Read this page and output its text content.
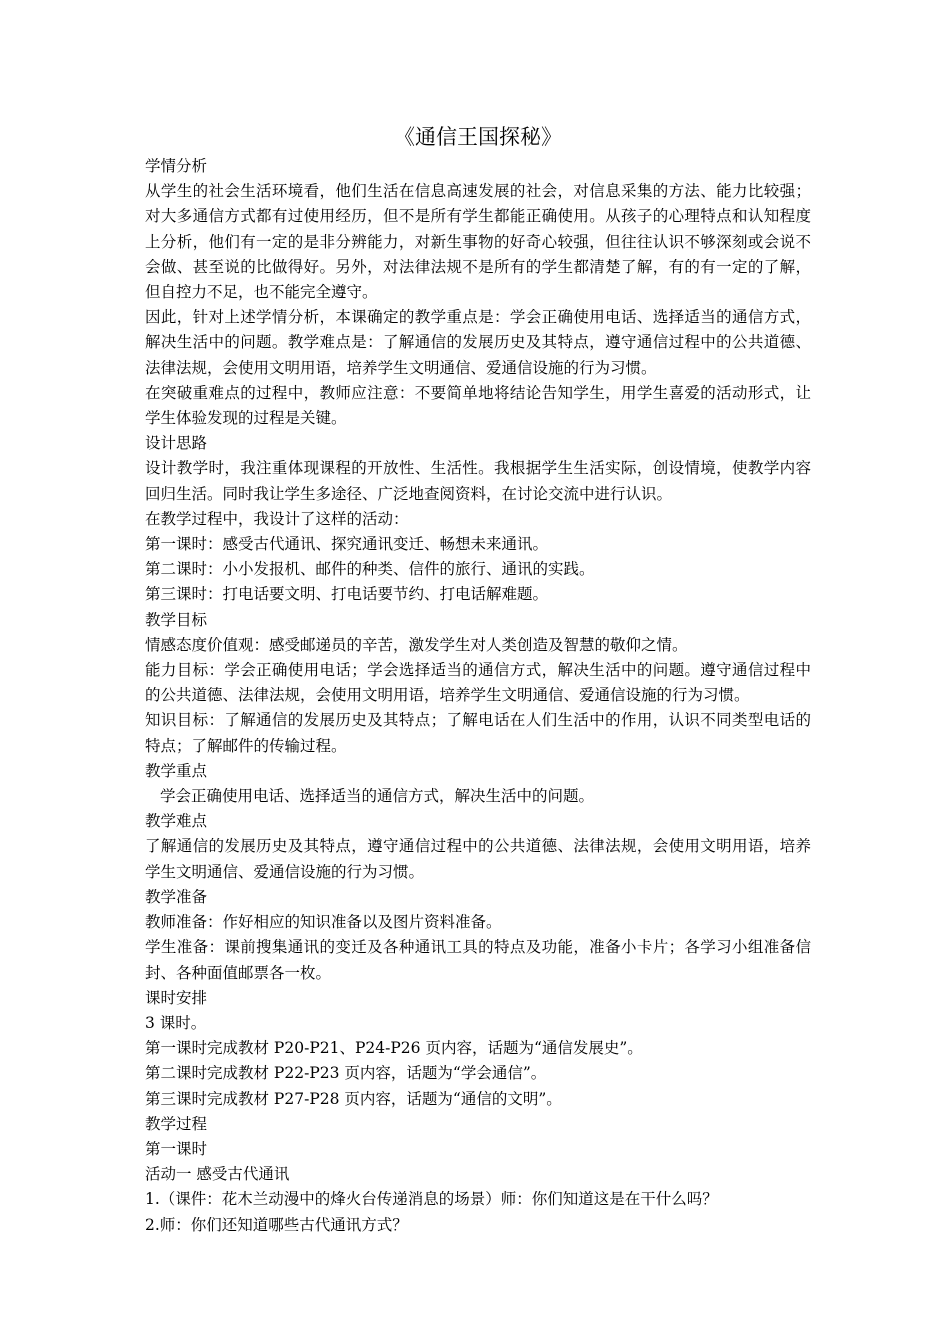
《通信王国探秘》

学情分析

从学生的社会生活环境看，他们生活在信息高速发展的社会，对信息采集的方法、能力比较强；对大多通信方式都有过使用经历，但不是所有学生都能正确使用。从孩子的心理特点和认知程度上分析，他们有一定的是非分辨能力，对新生事物的好奇心较强，但往往认识不够深刻或会说不会做、甚至说的比做得好。另外，对法律法规不是所有的学生都清楚了解，有的有一定的了解，但自控力不足，也不能完全遵守。

因此，针对上述学情分析，本课确定的教学重点是：学会正确使用电话、选择适当的通信方式，解决生活中的问题。教学难点是：了解通信的发展历史及其特点，遵守通信过程中的公共道德、法律法规，会使用文明用语，培养学生文明通信、爱通信设施的行为习惯。

在突破重难点的过程中，教师应注意：不要简单地将结论告知学生，用学生喜爱的活动形式，让学生体验发现的过程是关键。

设计思路

设计教学时，我注重体现课程的开放性、生活性。我根据学生生活实际，创设情境，使教学内容回归生活。同时我让学生多途径、广泛地查阅资料，在讨论交流中进行认识。

在教学过程中，我设计了这样的活动：

第一课时：感受古代通讯、探究通讯变迁、畅想未来通讯。

第二课时：小小发报机、邮件的种类、信件的旅行、通讯的实践。

第三课时：打电话要文明、打电话要节约、打电话解难题。

教学目标

情感态度价值观：感受邮递员的辛苦，激发学生对人类创造及智慧的敬仰之情。

能力目标：学会正确使用电话；学会选择适当的通信方式，解决生活中的问题。遵守通信过程中的公共道德、法律法规，会使用文明用语，培养学生文明通信、爱通信设施的行为习惯。

知识目标：了解通信的发展历史及其特点；了解电话在人们生活中的作用，认识不同类型电话的特点；了解邮件的传输过程。

教学重点

学会正确使用电话、选择适当的通信方式，解决生活中的问题。

教学难点

了解通信的发展历史及其特点，遵守通信过程中的公共道德、法律法规，会使用文明用语，培养学生文明通信、爱通信设施的行为习惯。

教学准备

教师准备：作好相应的知识准备以及图片资料准备。

学生准备：课前搜集通讯的变迁及各种通讯工具的特点及功能，准备小卡片；各学习小组准备信封、各种面值邮票各一枚。

课时安排

3 课时。

第一课时完成教材 P20-P21、P24-P26 页内容，话题为“通信发展史”。

第二课时完成教材 P22-P23 页内容，话题为“学会通信”。

第三课时完成教材 P27-P28 页内容，话题为“通信的文明”。

教学过程

第一课时

活动一 感受古代通讯

1.（课件：花木兰动漫中的烽火台传递消息的场景）师：你们知道这是在干什么吗？

2.师：你们还知道哪些古代通讯方式？
